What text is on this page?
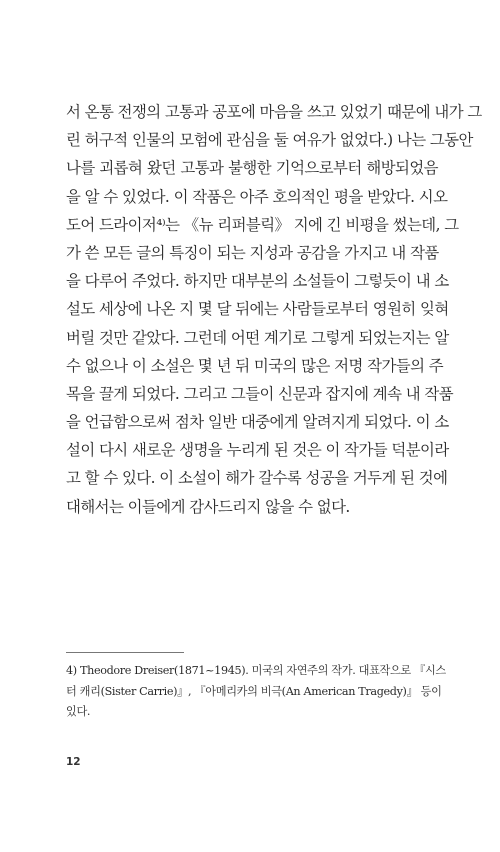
서 온통 전쟁의 고통과 공포에 마음을 쓰고 있었기 때문에 내가 그
린 허구적 인물의 모험에 관심을 둘 여유가 없었다.) 나는 그동안
나를 괴롭혀 왔던 고통과 불행한 기억으로부터 해방되었음
을 알 수 있었다. 이 작품은 아주 호의적인 평을 받았다. 시오
도어 드라이저⁴⁾는 《뉴 리퍼블릭》 지에 긴 비평을 썼는데, 그
가 쓴 모든 글의 특징이 되는 지성과 공감을 가지고 내 작품
을 다루어 주었다. 하지만 대부분의 소설들이 그렇듯이 내 소
설도 세상에 나온 지 몇 달 뒤에는 사람들로부터 영원히 잊혀
버릴 것만 같았다. 그런데 어떤 계기로 그렇게 되었는지는 알
수 없으나 이 소설은 몇 년 뒤 미국의 많은 저명 작가들의 주
목을 끌게 되었다. 그리고 그들이 신문과 잡지에 계속 내 작품
을 언급함으로써 점차 일반 대중에게 알려지게 되었다. 이 소
설이 다시 새로운 생명을 누리게 된 것은 이 작가들 덕분이라
고 할 수 있다. 이 소설이 해가 갈수록 성공을 거두게 된 것에
대해서는 이들에게 감사드리지 않을 수 없다.
4) Theodore Dreiser(1871~1945). 미국의 자연주의 작가. 대표작으로 『시스
터 캐리(Sister Carrie)』, 『아메리카의 비극(An American Tragedy)』 등이
있다.
12
